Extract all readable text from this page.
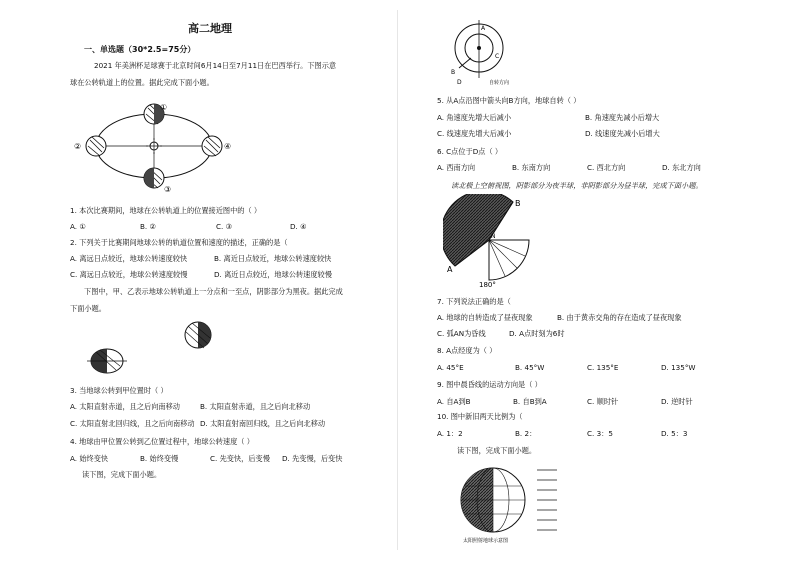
高二地理
一、单选题（30*2.5=75分）
2021 年美洲杯足球赛于北京时间6月14日至7月11日在巴西举行。下图示意
球在公转轨道上的位置。据此完成下面小题。
①
②
③
④
1. 本次比赛期间，地球在公转轨道上的位置接近图中的（ ）
A. ①	B. ②	C. ③	D. ④
2. 下列关于比赛期间地球公转的轨道位置和速度的描述，正确的是（
A. 离远日点较近，地球公转速度较快	B. 离近日点较近，地球公转速度较快
C. 离远日点较近，地球公转速度较慢	D. 离近日点较近，地球公转速度较慢
下图中，甲、乙表示地球公转轨道上一分点和一至点，阴影部分为黑夜。据此完成
下面小题。
3. 当地球公转到甲位置时（ ）
A. 太阳直射赤道，且之后向南移动	B. 太阳直射赤道，且之后向北移动
C. 太阳直射北回归线，且之后向南移动 D. 太阳直射南回归线，且之后向北移动
4. 地球由甲位置公转到乙位置过程中，地球公转速度（ ）
A. 始终变快	B. 始终变慢	C. 先变快，后变慢 D. 先变慢，后变快
读下图，完成下面小题。
A
B
C
D	自转方向
5. 从A点沿图中箭头向B方向，地球自转（ ）
A. 角速度先增大后减小	B. 角速度先减小后增大
C. 线速度先增大后减小	D. 线速度先减小后增大
6. C点位于D点（ ）
A. 西南方向	B. 东南方向	C. 西北方向	D. 东北方向
读北极上空俯视图，阴影部分为夜半球，非阴影部分为昼半球，完成下面小题。
B
N
A
180°
7. 下列说法正确的是（
A. 地球的自转造成了昼夜现象	B. 由于黄赤交角的存在造成了昼夜现象
C. 弧AN为昏线	D. A点时刻为6时
8. A点经度为（ ）
A. 45°E	B. 45°W	C. 135°E	D. 135°W
9. 图中晨昏线的运动方向是（ ）
A. 自A到B	B. 自B到A	C. 顺时针	D. 逆时针
10. 图中新旧两天比例为（
A. 1：2	B. 2：	C. 3：5	D. 5：3
读下图，完成下面小题。
太阳照射地球示意图
